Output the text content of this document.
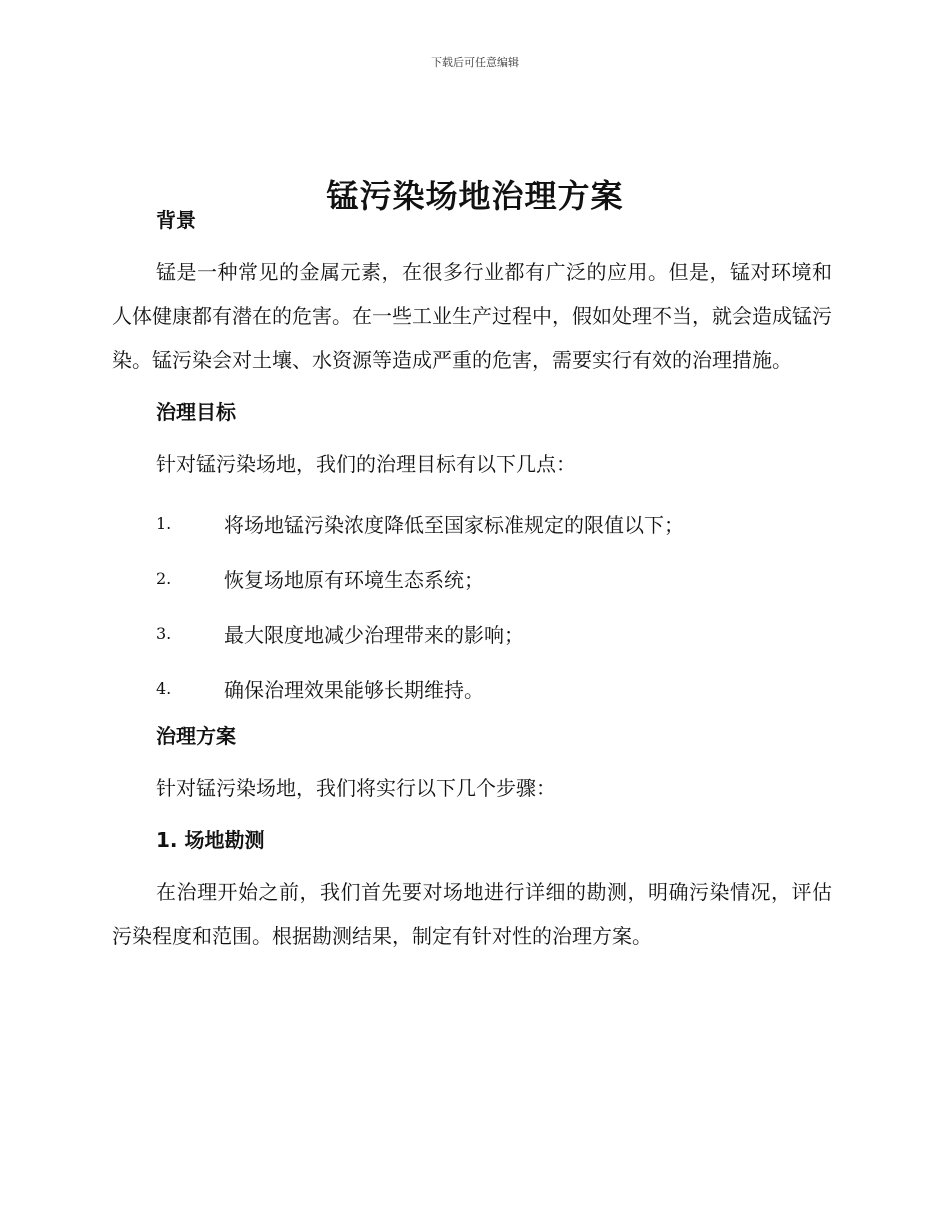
下载后可任意编辑
锰污染场地治理方案
背景

锰是一种常见的金属元素，在很多行业都有广泛的应用。但是，锰对环境和人体健康都有潜在的危害。在一些工业生产过程中，假如处理不当，就会造成锰污染。锰污染会对土壤、水资源等造成严重的危害，需要实行有效的治理措施。

治理目标

针对锰污染场地，我们的治理目标有以下几点：

1.	将场地锰污染浓度降低至国家标准规定的限值以下；
2.	恢复场地原有环境生态系统；
3.	最大限度地减少治理带来的影响；
4.	确保治理效果能够长期维持。
治理方案

针对锰污染场地，我们将实行以下几个步骤：

1. 场地勘测

在治理开始之前，我们首先要对场地进行详细的勘测，明确污染情况，评估污染程度和范围。根据勘测结果，制定有针对性的治理方案。
